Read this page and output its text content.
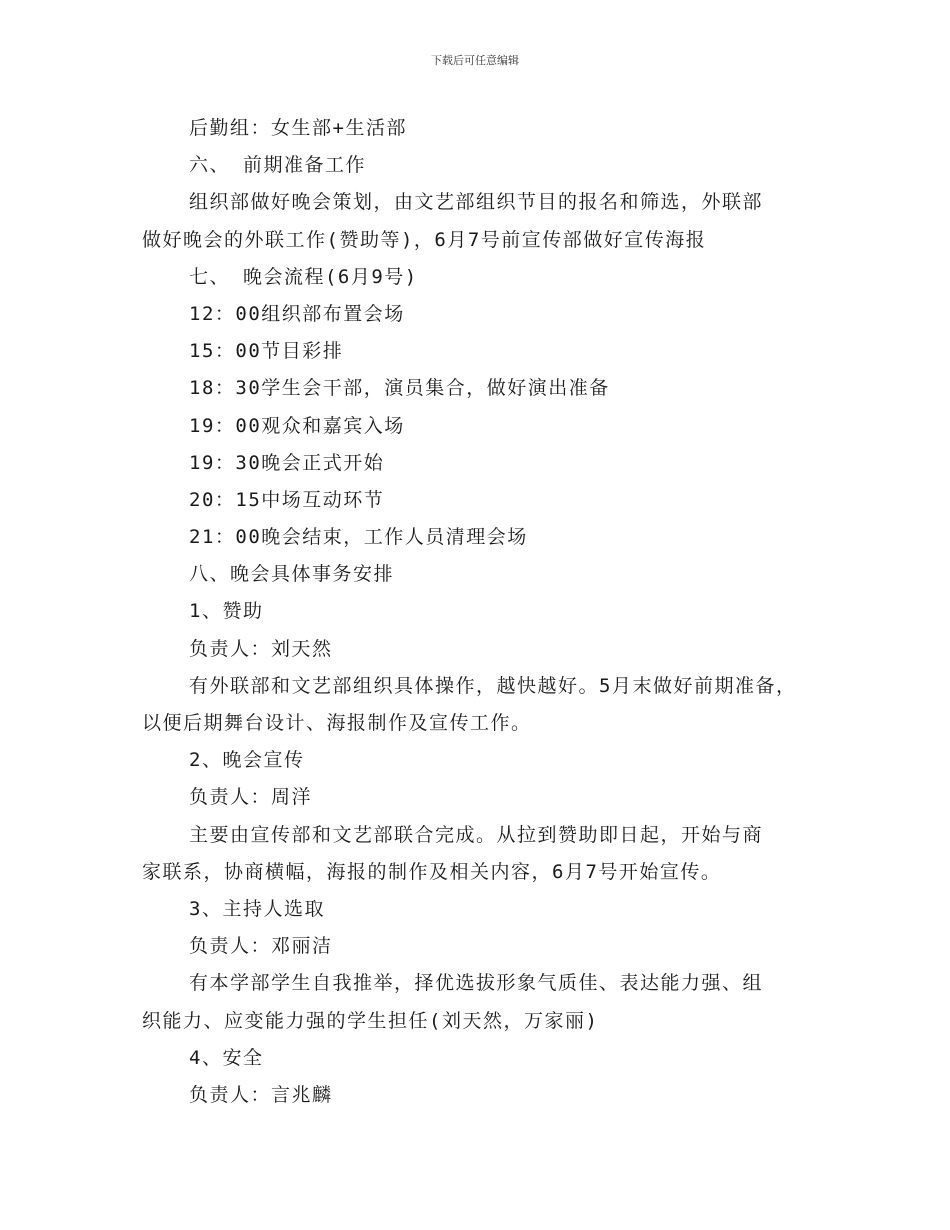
下载后可任意编辑
后勤组：女生部+生活部
六、 前期准备工作
组织部做好晚会策划，由文艺部组织节目的报名和筛选，外联部
做好晚会的外联工作(赞助等)，6月7号前宣传部做好宣传海报
七、 晚会流程(6月9号)
12：00组织部布置会场
15：00节目彩排
18：30学生会干部，演员集合，做好演出准备
19：00观众和嘉宾入场
19：30晚会正式开始
20：15中场互动环节
21：00晚会结束，工作人员清理会场
八、晚会具体事务安排
1、赞助
负责人：刘天然
有外联部和文艺部组织具体操作，越快越好。5月末做好前期准备，
以便后期舞台设计、海报制作及宣传工作。
2、晚会宣传
负责人：周洋
主要由宣传部和文艺部联合完成。从拉到赞助即日起，开始与商
家联系，协商横幅，海报的制作及相关内容，6月7号开始宣传。
3、主持人选取
负责人：邓丽洁
有本学部学生自我推举，择优选拔形象气质佳、表达能力强、组
织能力、应变能力强的学生担任(刘天然，万家丽)
4、安全
负责人：言兆麟
